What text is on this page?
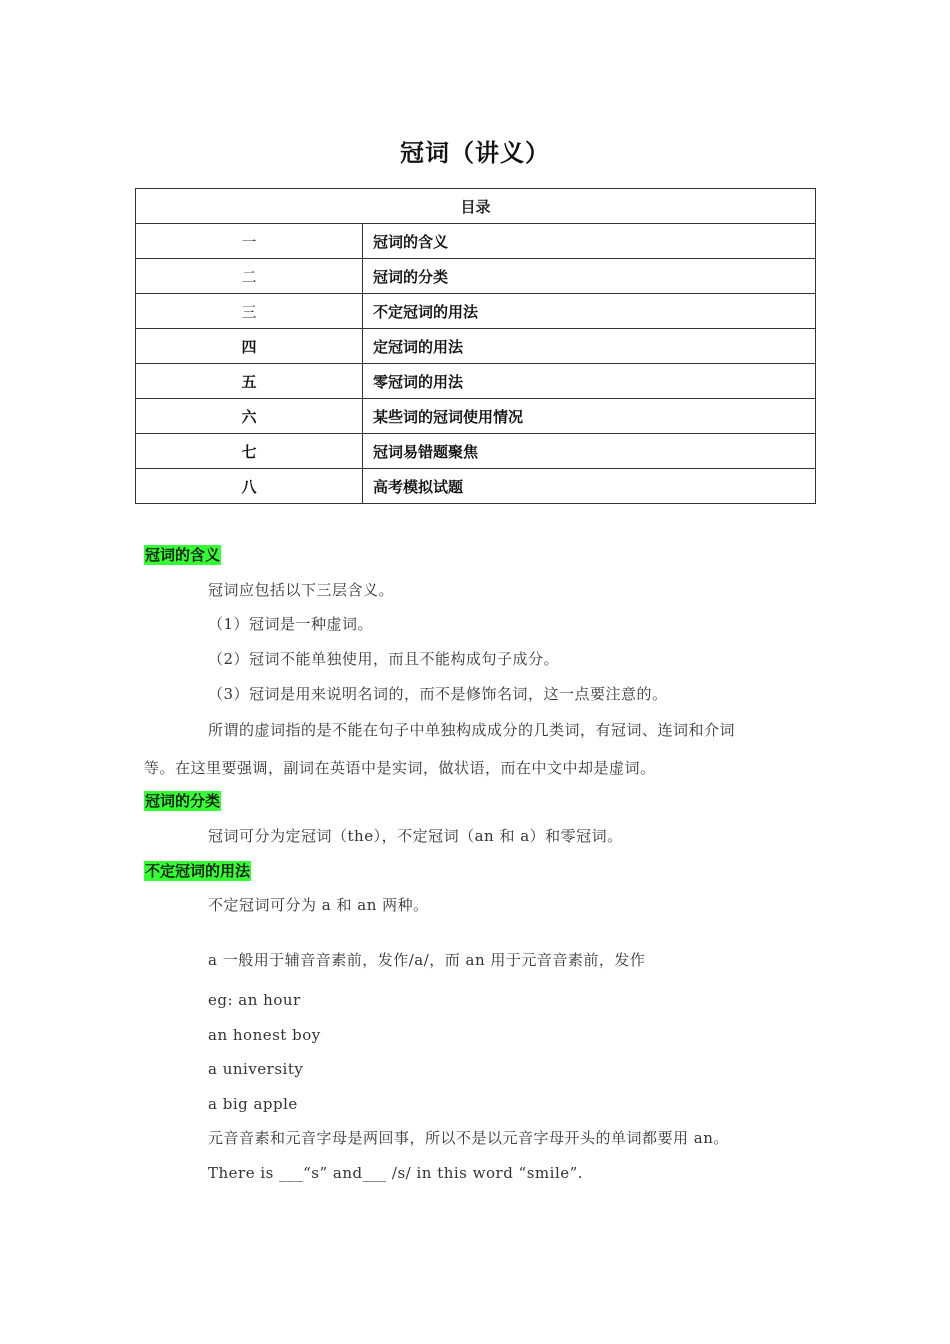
冠词（讲义）
目录	
一	冠词的含义
二	冠词的分类
三	不定冠词的用法
四	定冠词的用法
五	零冠词的用法
六	某些词的冠词使用情况
七	冠词易错题聚焦
八	高考模拟试题
冠词的含义
冠词应包括以下三层含义。
（1）冠词是一种虚词。
（2）冠词不能单独使用，而且不能构成句子成分。
（3）冠词是用来说明名词的，而不是修饰名词，这一点要注意的。
所谓的虚词指的是不能在句子中单独构成成分的几类词，有冠词、连词和介词
等。在这里要强调，副词在英语中是实词，做状语，而在中文中却是虚词。
冠词的分类
冠词可分为定冠词（the），不定冠词（an 和 a）和零冠词。
不定冠词的用法
不定冠词可分为 a 和 an 两种。
a 一般用于辅音音素前，发作/a/，而 an 用于元音音素前，发作
eg: an hour
an honest boy
a university
a big apple
元音音素和元音字母是两回事，所以不是以元音字母开头的单词都要用 an。
There is ___“s” and___ /s/ in this word “smile”.
